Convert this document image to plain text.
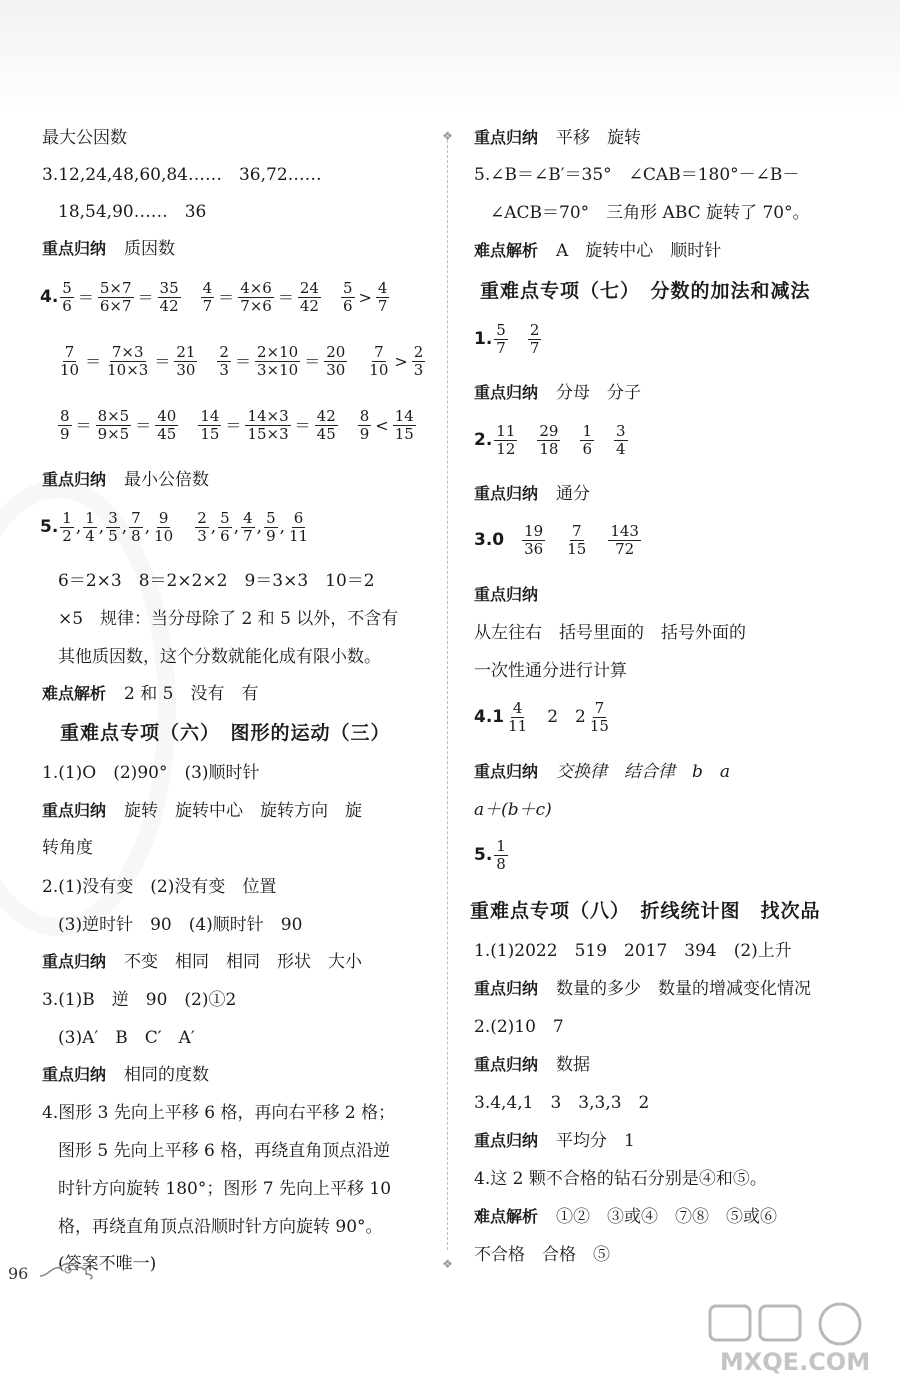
最大公因数
3.12,24,48,60,84……　36,72……
18,54,90……　36
重点归纳 质因数
4. 5
6 ＝ 5×7
6×7 ＝ 35
42
4
7 ＝ 4×6
7×6 ＝ 24
42
5
6 > 4
7
7
10 ＝ 7×3
10×3 ＝ 21
30
2
3 ＝ 2×10
3×10 ＝ 20
30
7
10 > 2
3
8
9 ＝ 8×5
9×5 ＝ 40
45
14
15 ＝ 14×3
15×3 ＝ 42
45
8
9 < 14
15
重点归纳 最小公倍数
5. 1
2 , 1
4 , 3
5 , 7
8 , 9
10
2
3 , 5
6 , 4
7 , 5
9 , 6
11
6＝2×3　8＝2×2×2　9＝3×3　10＝2
×5　规律：当分母除了 2 和 5 以外，不含有
其他质因数，这个分数就能化成有限小数。
难点解析 2 和 5　没有　有
重难点专项（六）　图形的运动（三）
1.(1)O　(2)90°　(3)顺时针
重点归纳 旋转　旋转中心　旋转方向　旋
转角度
2.(1)没有变　(2)没有变　位置
(3)逆时针　90　(4)顺时针　90
重点归纳 不变　相同　相同　形状　大小
3.(1)B　逆　90　(2)①2
(3)A′　B　C′　A′
重点归纳 相同的度数
4.图形 3 先向上平移 6 格，再向右平移 2 格；
图形 5 先向上平移 6 格，再绕直角顶点沿逆
时针方向旋转 180°；图形 7 先向上平移 10
格，再绕直角顶点沿顺时针方向旋转 90°。
(答案不唯一)
96
❖
❖
重点归纳 平移　旋转
5.∠B＝∠B′＝35°　∠CAB＝180°－∠B－
∠ACB＝70°　三角形 ABC 旋转了 70°。
难点解析 A　旋转中心　顺时针
重难点专项（七）　分数的加法和减法
1. 5
7
2
7
重点归纳 分母　分子
2. 11
12
29
18
1
6
3
4
重点归纳 通分
3.0 19
36
7
15
143
72
重点归纳
从左往右　括号里面的　括号外面的
一次性通分进行计算
4.1 4
11 2　2 7
15
重点归纳 交换律　结合律　b　a
a＋(b＋c)
5. 1
8
重难点专项（八）　折线统计图　找次品
1.(1)2022　519　2017　394　(2)上升
重点归纳 数量的多少　数量的增减变化情况
2.(2)10　7
重点归纳 数据
3.4,4,1　3　3,3,3　2
重点归纳 平均分　1
4.这 2 颗不合格的钻石分别是④和⑤。
难点解析 ①②　③或④　⑦⑧　⑤或⑥
不合格　合格　⑤
MXQE.COM
